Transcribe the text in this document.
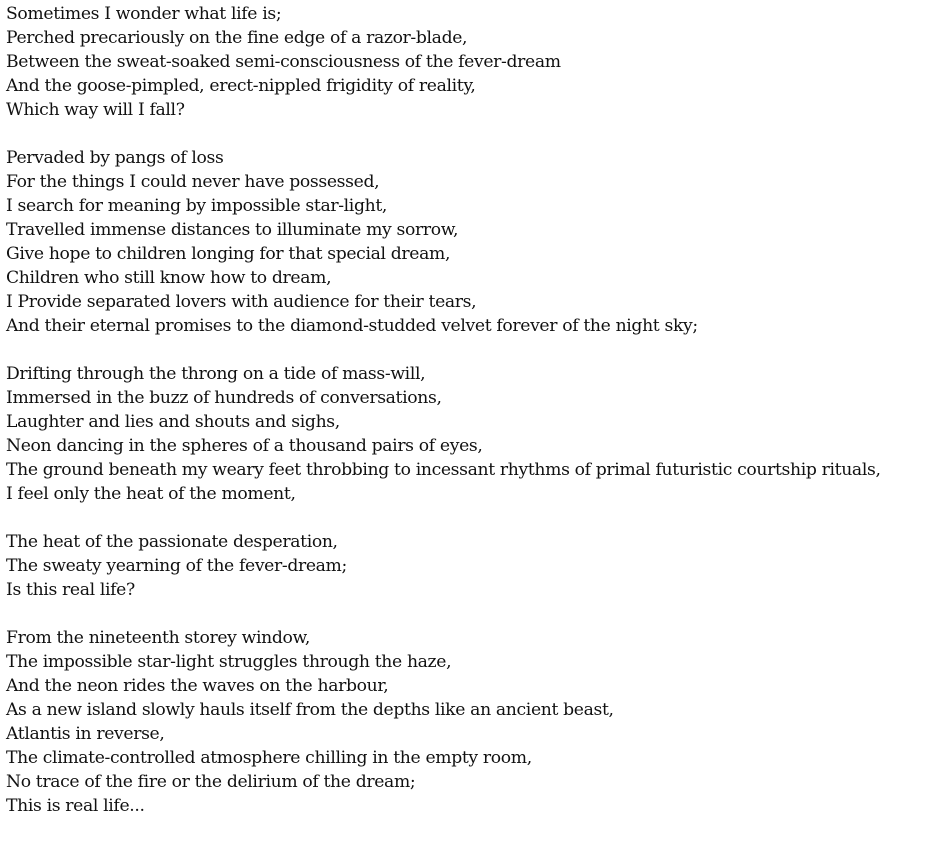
Sometimes I wonder what life is;
Perched precariously on the fine edge of a razor-blade,
Between the sweat-soaked semi-consciousness of the fever-dream
And the goose-pimpled, erect-nippled frigidity of reality,
Which way will I fall?
Pervaded by pangs of loss
For the things I could never have possessed,
I search for meaning by impossible star-light,
Travelled immense distances to illuminate my sorrow,
Give hope to children longing for that special dream,
Children who still know how to dream,
I Provide separated lovers with audience for their tears,
And their eternal promises to the diamond-studded velvet forever of the night sky;
Drifting through the throng on a tide of mass-will,
Immersed in the buzz of hundreds of conversations,
Laughter and lies and shouts and sighs,
Neon dancing in the spheres of a thousand pairs of eyes,
The ground beneath my weary feet throbbing to incessant rhythms of primal futuristic courtship rituals,
I feel only the heat of the moment,
The heat of the passionate desperation,
The sweaty yearning of the fever-dream;
Is this real life?
From the nineteenth storey window,
The impossible star-light struggles through the haze,
And the neon rides the waves on the harbour,
As a new island slowly hauls itself from the depths like an ancient beast,
Atlantis in reverse,
The climate-controlled atmosphere chilling in the empty room,
No trace of the fire or the delirium of the dream;
This is real life...
